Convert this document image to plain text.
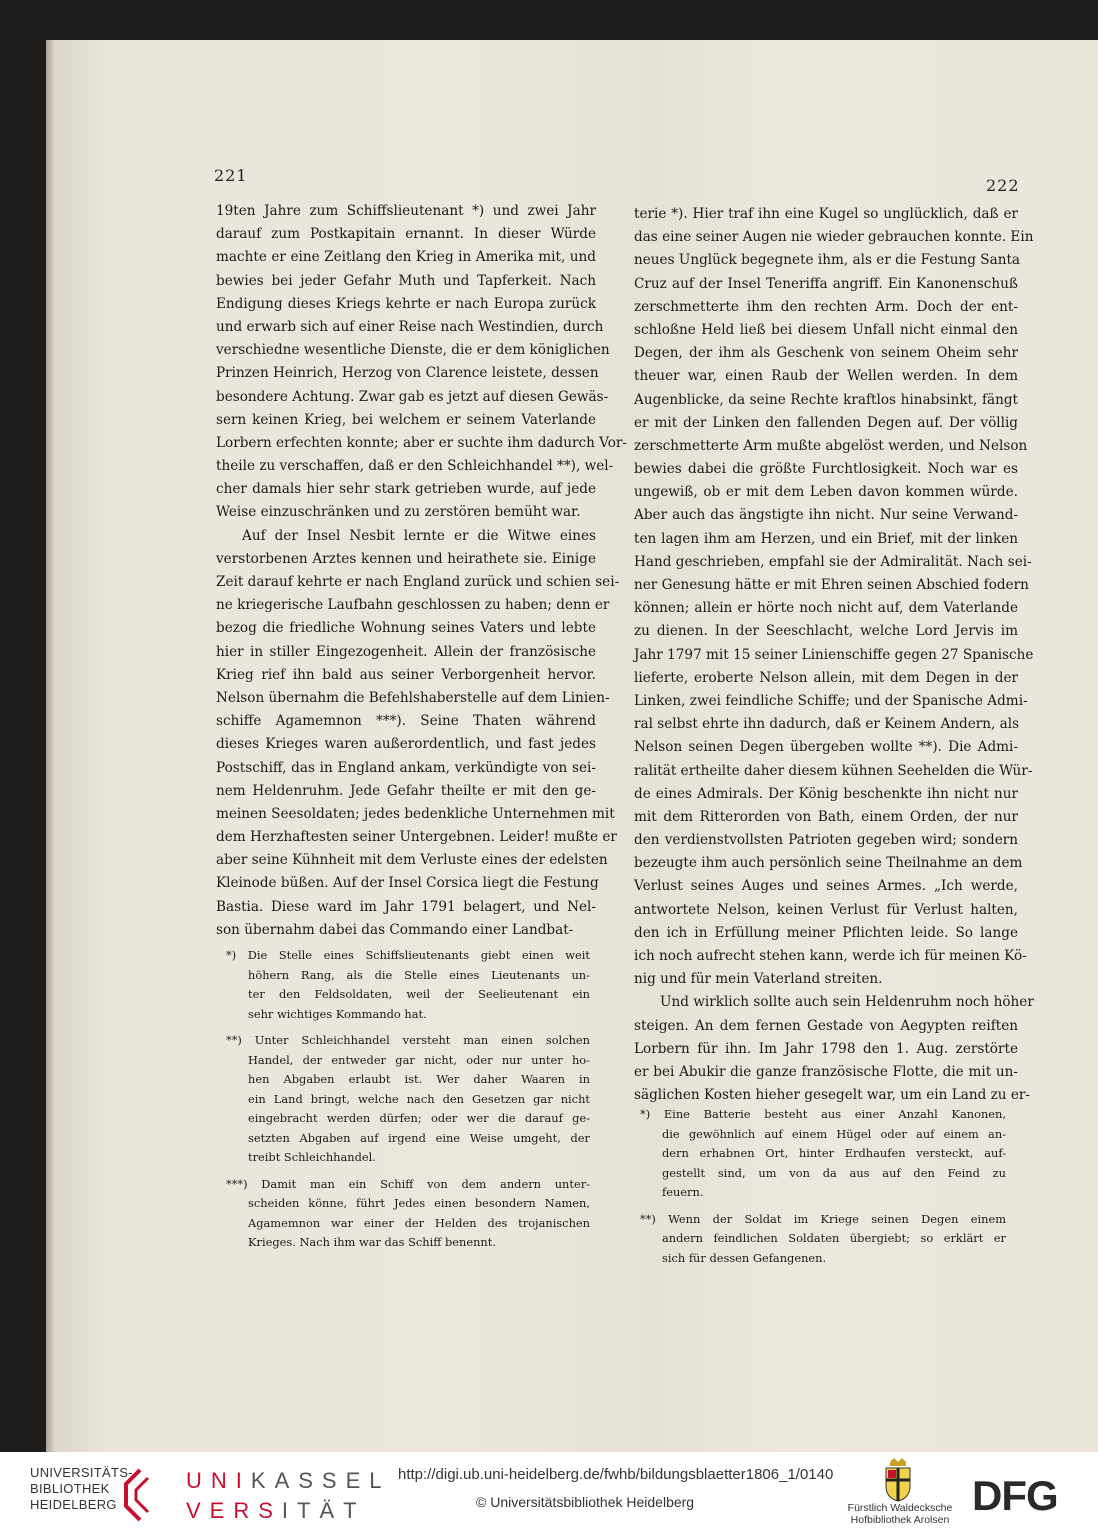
221
222
19ten Jahre zum Schiffslieutenant *) und zwei Jahr
darauf zum Postkapitain ernannt. In dieser Würde
machte er eine Zeitlang den Krieg in Amerika mit, und
bewies bei jeder Gefahr Muth und Tapferkeit. Nach
Endigung dieses Kriegs kehrte er nach Europa zurück
und erwarb sich auf einer Reise nach Westindien, durch
verschiedne wesentliche Dienste, die er dem königlichen
Prinzen Heinrich, Herzog von Clarence leistete, dessen
besondere Achtung. Zwar gab es jetzt auf diesen Gewäs-
sern keinen Krieg, bei welchem er seinem Vaterlande
Lorbern erfechten konnte; aber er suchte ihm dadurch Vor-
theile zu verschaffen, daß er den Schleichhandel **), wel-
cher damals hier sehr stark getrieben wurde, auf jede
Weise einzuschränken und zu zerstören bemüht war.
Auf der Insel Nesbit lernte er die Witwe eines
verstorbenen Arztes kennen und heirathete sie. Einige
Zeit darauf kehrte er nach England zurück und schien sei-
ne kriegerische Laufbahn geschlossen zu haben; denn er
bezog die friedliche Wohnung seines Vaters und lebte
hier in stiller Eingezogenheit. Allein der französische
Krieg rief ihn bald aus seiner Verborgenheit hervor.
Nelson übernahm die Befehlshaberstelle auf dem Linien-
schiffe Agamemnon ***). Seine Thaten während
dieses Krieges waren außerordentlich, und fast jedes
Postschiff, das in England ankam, verkündigte von sei-
nem Heldenruhm. Jede Gefahr theilte er mit den ge-
meinen Seesoldaten; jedes bedenkliche Unternehmen mit
dem Herzhaftesten seiner Untergebnen. Leider! mußte er
aber seine Kühnheit mit dem Verluste eines der edelsten
Kleinode büßen. Auf der Insel Corsica liegt die Festung
Bastia. Diese ward im Jahr 1791 belagert, und Nel-
son übernahm dabei das Commando einer Landbat-
*) Die Stelle eines Schiffslieutenants giebt einen weit
höhern Rang, als die Stelle eines Lieutenants un-
ter den Feldsoldaten, weil der Seelieutenant ein
sehr wichtiges Kommando hat.
**) Unter Schleichhandel versteht man einen solchen
Handel, der entweder gar nicht, oder nur unter ho-
hen Abgaben erlaubt ist. Wer daher Waaren in
ein Land bringt, welche nach den Gesetzen gar nicht
eingebracht werden dürfen; oder wer die darauf ge-
setzten Abgaben auf irgend eine Weise umgeht, der
treibt Schleichhandel.
***) Damit man ein Schiff von dem andern unter-
scheiden könne, führt Jedes einen besondern Namen,
Agamemnon war einer der Helden des trojanischen
Krieges. Nach ihm war das Schiff benennt.
terie *). Hier traf ihn eine Kugel so unglücklich, daß er
das eine seiner Augen nie wieder gebrauchen konnte. Ein
neues Unglück begegnete ihm, als er die Festung Santa
Cruz auf der Insel Teneriffa angriff. Ein Kanonenschuß
zerschmetterte ihm den rechten Arm. Doch der ent-
schloßne Held ließ bei diesem Unfall nicht einmal den
Degen, der ihm als Geschenk von seinem Oheim sehr
theuer war, einen Raub der Wellen werden. In dem
Augenblicke, da seine Rechte kraftlos hinabsinkt, fängt
er mit der Linken den fallenden Degen auf. Der völlig
zerschmetterte Arm mußte abgelöst werden, und Nelson
bewies dabei die größte Furchtlosigkeit. Noch war es
ungewiß, ob er mit dem Leben davon kommen würde.
Aber auch das ängstigte ihn nicht. Nur seine Verwand-
ten lagen ihm am Herzen, und ein Brief, mit der linken
Hand geschrieben, empfahl sie der Admiralität. Nach sei-
ner Genesung hätte er mit Ehren seinen Abschied fodern
können; allein er hörte noch nicht auf, dem Vaterlande
zu dienen. In der Seeschlacht, welche Lord Jervis im
Jahr 1797 mit 15 seiner Linienschiffe gegen 27 Spanische
lieferte, eroberte Nelson allein, mit dem Degen in der
Linken, zwei feindliche Schiffe; und der Spanische Admi-
ral selbst ehrte ihn dadurch, daß er Keinem Andern, als
Nelson seinen Degen übergeben wollte **). Die Admi-
ralität ertheilte daher diesem kühnen Seehelden die Wür-
de eines Admirals. Der König beschenkte ihn nicht nur
mit dem Ritterorden von Bath, einem Orden, der nur
den verdienstvollsten Patrioten gegeben wird; sondern
bezeugte ihm auch persönlich seine Theilnahme an dem
Verlust seines Auges und seines Armes. „Ich werde,
antwortete Nelson, keinen Verlust für Verlust halten,
den ich in Erfüllung meiner Pflichten leide. So lange
ich noch aufrecht stehen kann, werde ich für meinen Kö-
nig und für mein Vaterland streiten.
Und wirklich sollte auch sein Heldenruhm noch höher
steigen. An dem fernen Gestade von Aegypten reiften
Lorbern für ihn. Im Jahr 1798 den 1. Aug. zerstörte
er bei Abukir die ganze französische Flotte, die mit un-
säglichen Kosten hieher gesegelt war, um ein Land zu er-
*) Eine Batterie besteht aus einer Anzahl Kanonen,
die gewöhnlich auf einem Hügel oder auf einem an-
dern erhabnen Ort, hinter Erdhaufen versteckt, auf-
gestellt sind, um von da aus auf den Feind zu
feuern.
**) Wenn der Soldat im Kriege seinen Degen einem
andern feindlichen Soldaten übergiebt; so erklärt er
sich für dessen Gefangenen.
UNIVERSITÄTS-
BIBLIOTHEK
HEIDELBERG
UNIKASSEL
VERSITÄT
http://digi.ub.uni-heidelberg.de/fwhb/bildungsblaetter1806_1/0140
© Universitätsbibliothek Heidelberg	Fürstlich Waldecksche
Hofbibliothek Arolsen
DFG
